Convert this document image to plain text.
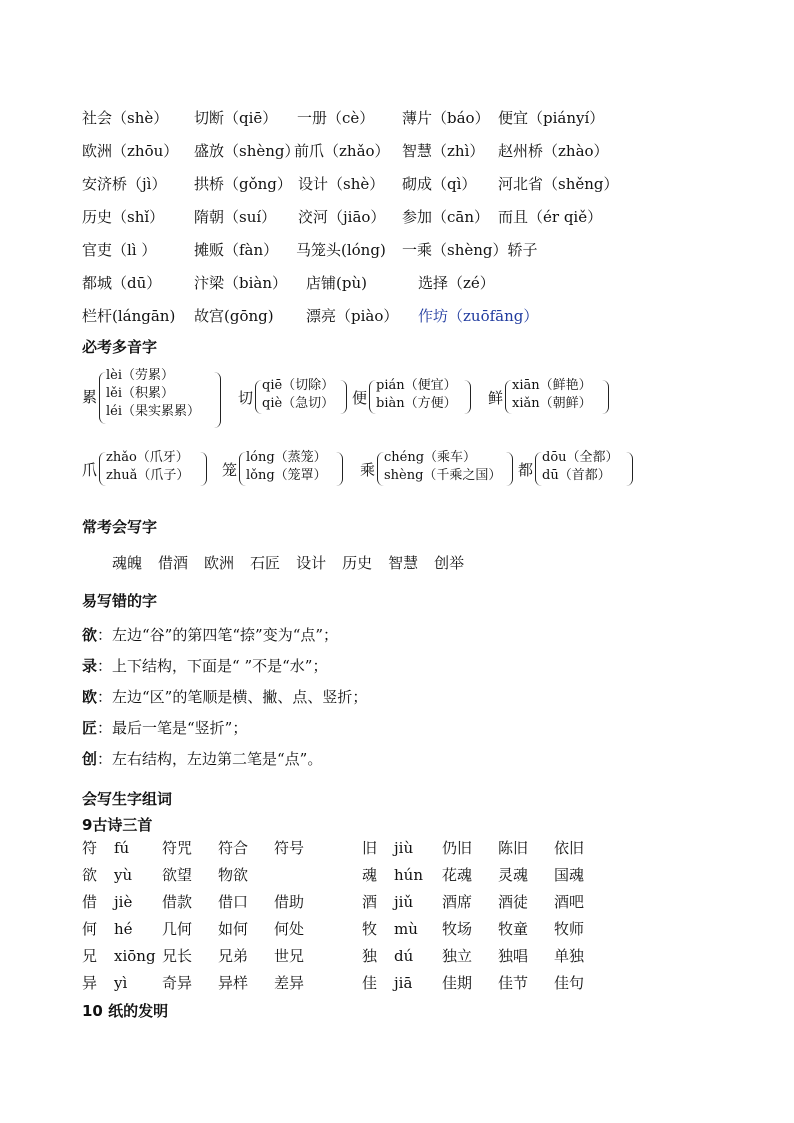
社会（shè） 切断（qiē） 一册（cè） 薄片（báo） 便宜（piányí）
欧洲（zhōu） 盛放（shèng）
前爪（zhǎo） 智慧（zhì） 赵州桥（zhào）
安济桥（jì） 拱桥（gǒng） 设计（shè） 砌成（qì） 河北省（shěng）
历史（shǐ） 隋朝（suí） 洨河（jiāo） 参加（cān） 而且（ér qiě）
官吏（lì ）	摊贩（fàn） 马笼头(lóng) 一乘（shèng）轿子
都城（dū） 汴梁（biàn） 店铺(pù)	选择（zé）
栏杆(lángān) 故宫(gōng) 漂亮（piào） 作坊（zuōfāng）
必考多音字
累
lèi（劳累）
lěi（积累）
léi（果实累累）
切
qiē（切除）
qiè（急切） 便
pián（便宜）
biàn（方便） 鲜
xiān（鲜艳）
xiǎn（朝鲜）
爪
zhǎo（爪牙）
zhuǎ（爪子） 笼
lóng（蒸笼）
lǒng（笼罩） 乘
chéng（乘车）
shèng（千乘之国） 都
dōu（全都）
dū（首都）
常考会写字
魂魄 借酒 欧洲 石匠 设计 历史 智慧 创举
易写错的字
欲：左边“谷”的第四笔“捺”变为“点”；
录：上下结构，下面是“ ”不是“水”；
欧：左边“区”的笔顺是横、撇、点、竖折；
匠：最后一笔是“竖折”；
创：左右结构，左边第二笔是“点”。
会写生字组词
9古诗三首
符 fú 符咒 符合 符号
欲 yù 欲望 物欲
借 jiè 借款 借口 借助
何 hé 几何 如何 何处
兄 xiōng 兄长 兄弟 世兄
异 yì 奇异 异样 差异
旧 jiù 仍旧 陈旧 依旧
魂 hún 花魂 灵魂 国魂
酒 jiǔ 酒席 酒徒 酒吧
牧 mù 牧场 牧童 牧师
独 dú 独立 独唱 单独
佳 jiā 佳期 佳节 佳句
10 纸的发明
